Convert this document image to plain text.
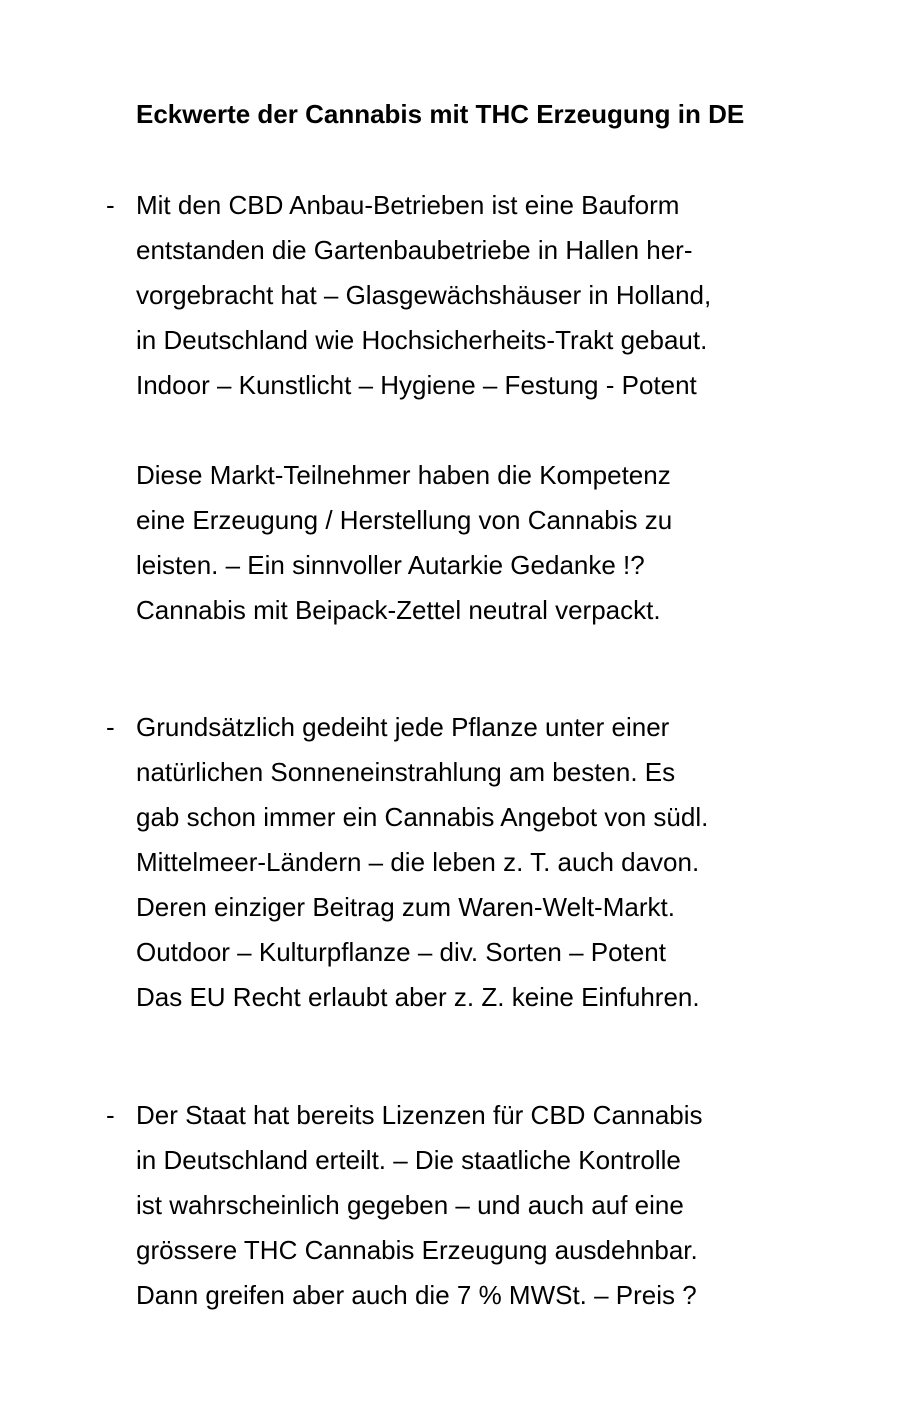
Eckwerte der Cannabis mit THC Erzeugung in DE
- Mit den CBD Anbau-Betrieben ist eine Bauform
entstanden die Gartenbaubetriebe in Hallen her-
vorgebracht hat – Glasgewächshäuser in Holland,
in Deutschland wie Hochsicherheits-Trakt gebaut.
Indoor – Kunstlicht – Hygiene – Festung - Potent
Diese Markt-Teilnehmer haben die Kompetenz
eine Erzeugung / Herstellung von Cannabis zu
leisten. – Ein sinnvoller Autarkie Gedanke !?
Cannabis mit Beipack-Zettel neutral verpackt.
- Grundsätzlich gedeiht jede Pflanze unter einer
natürlichen Sonneneinstrahlung am besten. Es
gab schon immer ein Cannabis Angebot von südl.
Mittelmeer-Ländern – die leben z. T. auch davon.
Deren einziger Beitrag zum Waren-Welt-Markt.
Outdoor – Kulturpflanze – div. Sorten – Potent
Das EU Recht erlaubt aber z. Z. keine Einfuhren.
- Der Staat hat bereits Lizenzen für CBD Cannabis
in Deutschland erteilt. – Die staatliche Kontrolle
ist wahrscheinlich gegeben – und auch auf eine
grössere THC Cannabis Erzeugung ausdehnbar.
Dann greifen aber auch die 7 % MWSt. – Preis ?
